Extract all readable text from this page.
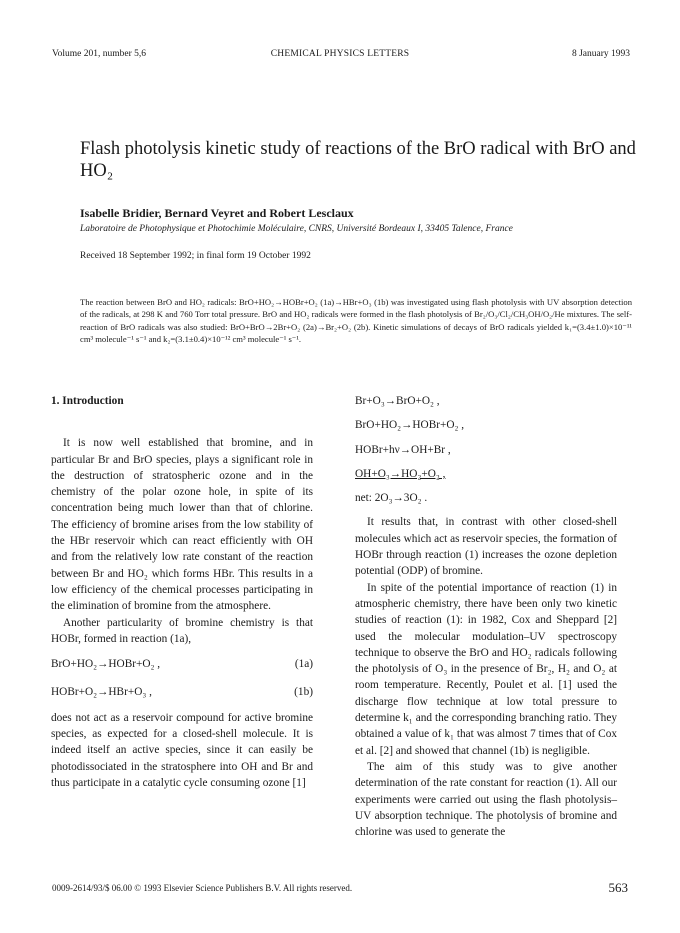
Volume 201, number 5,6	CHEMICAL PHYSICS LETTERS	8 January 1993
Flash photolysis kinetic study of reactions of the BrO radical with BrO and HO₂
Isabelle Bridier, Bernard Veyret and Robert Lesclaux
Laboratoire de Photophysique et Photochimie Moléculaire, CNRS, Université Bordeaux I, 33405 Talence, France
Received 18 September 1992; in final form 19 October 1992
The reaction between BrO and HO₂ radicals: BrO+HO₂→HOBr+O₂ (1a)→HBr+O₃ (1b) was investigated using flash photolysis with UV absorption detection of the radicals, at 298 K and 760 Torr total pressure. BrO and HO₂ radicals were formed in the flash photolysis of Br₂/O₃/Cl₂/CH₃OH/O₂/He mixtures. The self-reaction of BrO radicals was also studied: BrO+BrO→2Br+O₂ (2a)→Br₂+O₂ (2b). Kinetic simulations of decays of BrO radicals yielded k₁=(3.4±1.0)×10⁻¹¹ cm³ molecule⁻¹ s⁻¹ and k₂=(3.1±0.4)×10⁻¹² cm³ molecule⁻¹ s⁻¹.
1. Introduction

It is now well established that bromine, and in particular Br and BrO species, plays a significant role in the destruction of stratospheric ozone and in the chemistry of the polar ozone hole, in spite of its concentration being much lower than that of chlorine. The efficiency of bromine arises from the low stability of the HBr reservoir which can react efficiently with OH and from the relatively low rate constant of the reaction between Br and HO₂ which forms HBr. This results in a low efficiency of the chemical processes participating in the elimination of bromine from the atmosphere.

Another particularity of bromine chemistry is that HOBr, formed in reaction (1a),

BrO+HO₂→HOBr+O₂ ,	(1a)
HOBr+O₂→HBr+O₃ ,	(1b)

does not act as a reservoir compound for active bromine species, as expected for a closed-shell molecule. It is indeed itself an active species, since it can easily be photodissociated in the stratosphere into OH and Br and thus participate in a catalytic cycle consuming ozone [1]

Br+O₃→BrO+O₂ ,
BrO+HO₂→HOBr+O₂ ,
HOBr+hν→OH+Br ,
OH+O₃→HO₂+O₂ ,
net: 2O₃→3O₂ .

It results that, in contrast with other closed-shell molecules which act as reservoir species, the formation of HOBr through reaction (1) increases the ozone depletion potential (ODP) of bromine.

In spite of the potential importance of reaction (1) in atmospheric chemistry, there have been only two kinetic studies of reaction (1): in 1982, Cox and Sheppard [2] used the molecular modulation–UV spectroscopy technique to observe the BrO and HO₂ radicals following the photolysis of O₃ in the presence of Br₂, H₂ and O₂ at room temperature. Recently, Poulet et al. [1] used the discharge flow technique at low total pressure to determine k₁ and the corresponding branching ratio. They obtained a value of k₁ that was almost 7 times that of Cox et al. [2] and showed that channel (1b) is negligible.

The aim of this study was to give another determination of the rate constant for reaction (1). All our experiments were carried out using the flash photolysis–UV absorption technique. The photolysis of bromine and chlorine was used to generate the

0009-2614/93/$ 06.00 © 1993 Elsevier Science Publishers B.V. All rights reserved.	563
